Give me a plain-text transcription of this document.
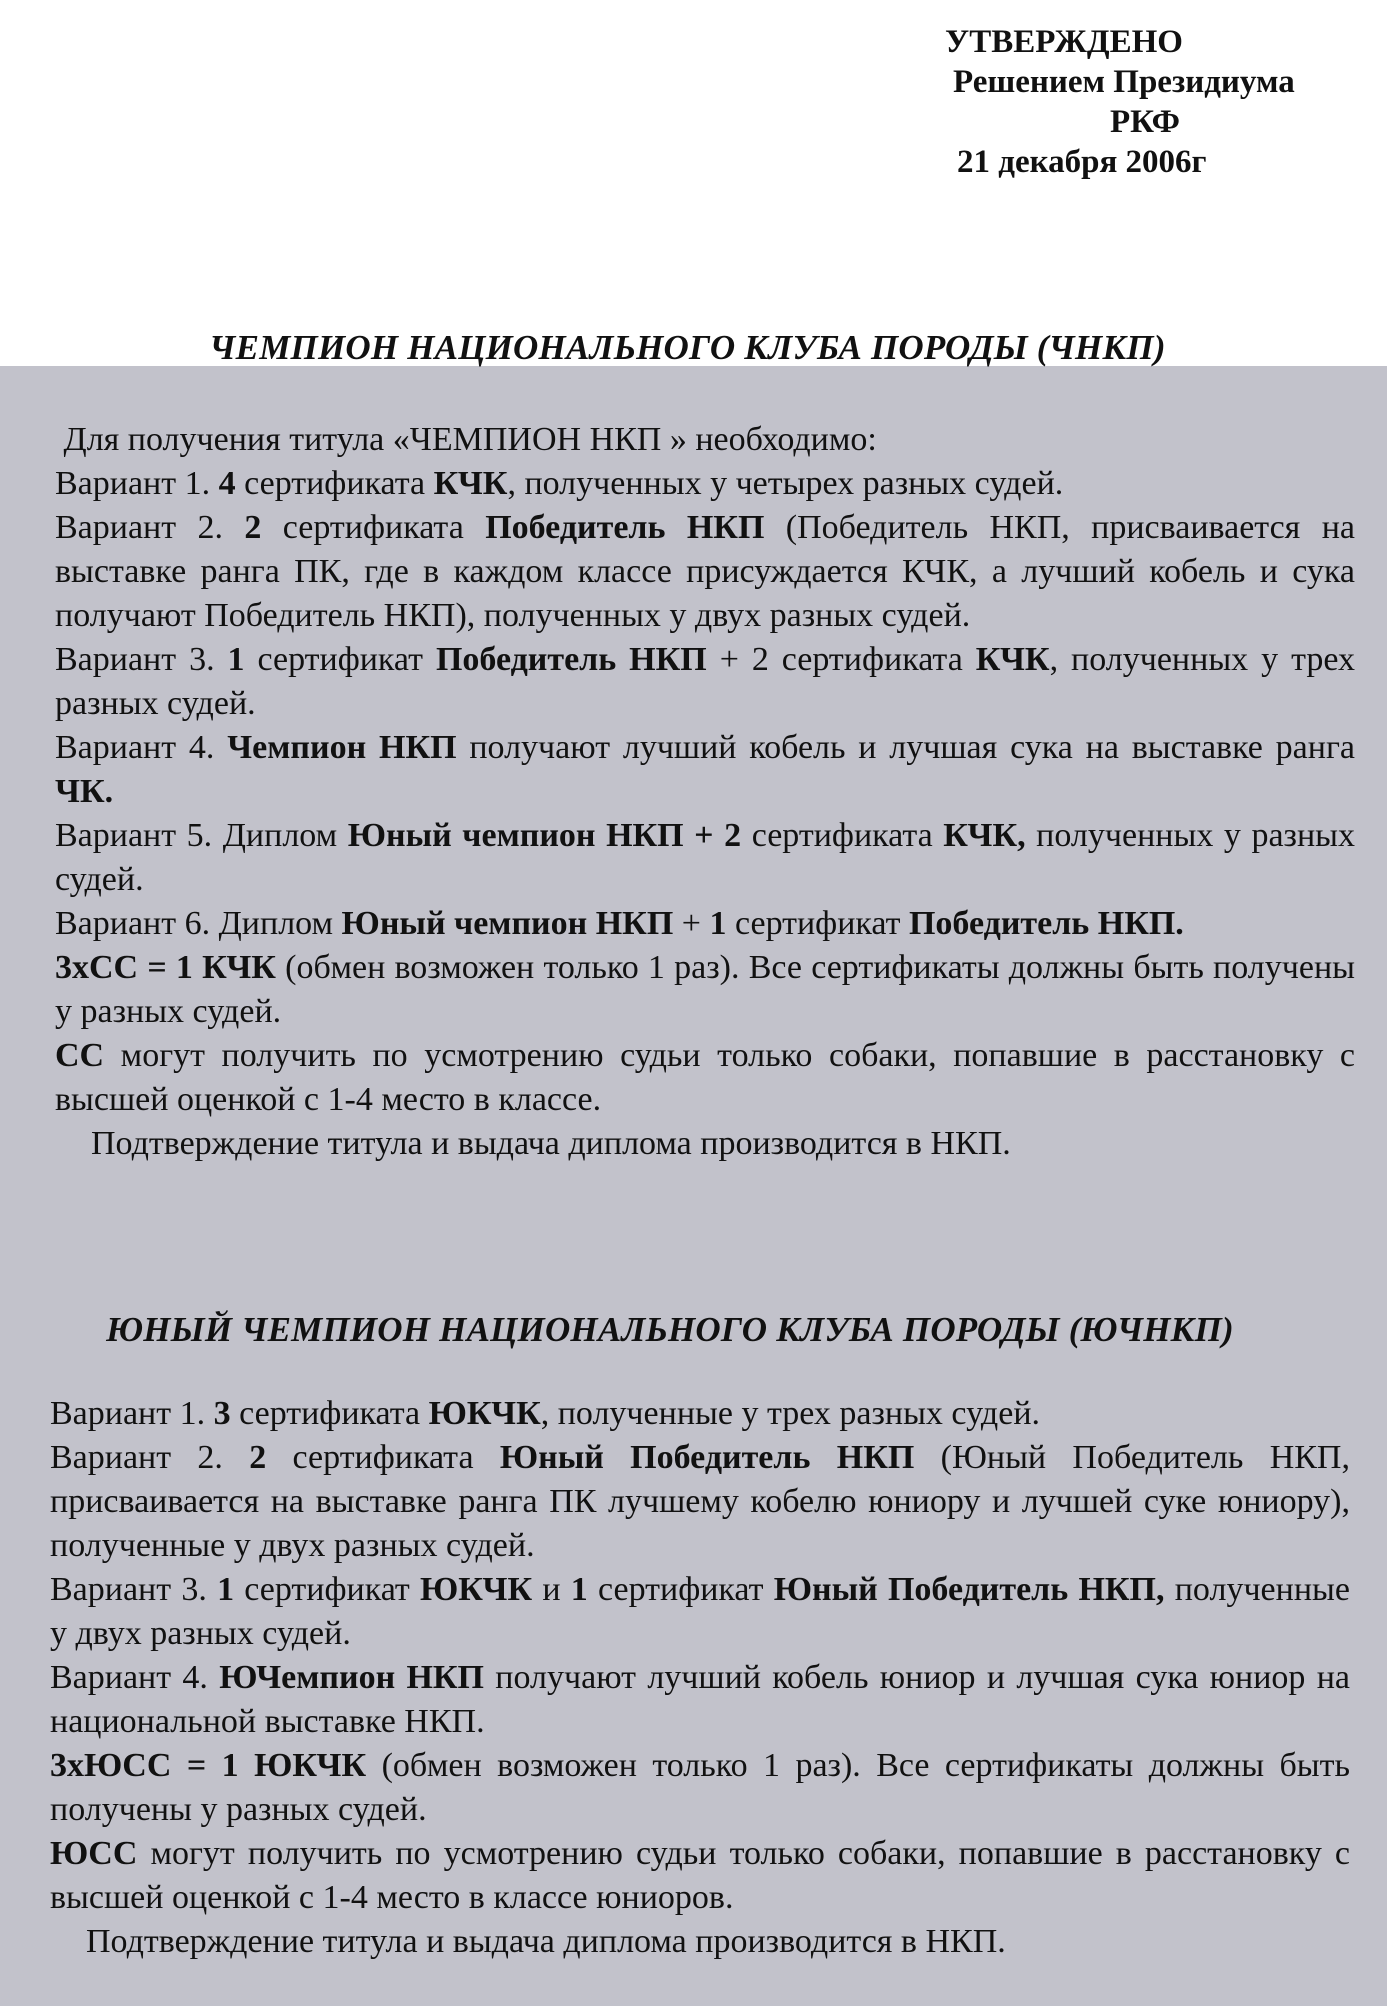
УТВЕРЖДЕНО
Решением Президиума
РКФ
21 декабря 2006г
ЧЕМПИОН НАЦИОНАЛЬНОГО КЛУБА ПОРОДЫ (ЧНКП)

Для получения титула «ЧЕМПИОН НКП » необходимо:

Вариант 1. 4 сертификата КЧК, полученных у четырех разных судей.

Вариант 2. 2 сертификата Победитель НКП (Победитель НКП, присваивается на выставке ранга ПК, где в каждом классе присуждается КЧК, а лучший кобель и сука получают Победитель НКП), полученных у двух разных судей.

Вариант 3. 1 сертификат Победитель НКП + 2 сертификата КЧК, полученных у трех разных судей.

Вариант 4. Чемпион НКП получают лучший кобель и лучшая сука на выставке ранга ЧК.

Вариант 5. Диплом Юный чемпион НКП + 2 сертификата КЧК, полученных у разных судей.

Вариант 6. Диплом Юный чемпион НКП + 1 сертификат Победитель НКП.

3хСС = 1 КЧК (обмен возможен только 1 раз). Все сертификаты должны быть получены у разных судей.

СС могут получить по усмотрению судьи только собаки, попавшие в расстановку с высшей оценкой с 1-4 место в классе.

Подтверждение титула и выдача диплома производится в НКП.

ЮНЫЙ ЧЕМПИОН НАЦИОНАЛЬНОГО КЛУБА ПОРОДЫ (ЮЧНКП)

Вариант 1. 3 сертификата ЮКЧК, полученные у трех разных судей.

Вариант 2. 2 сертификата Юный Победитель НКП (Юный Победитель НКП, присваивается на выставке ранга ПК лучшему кобелю юниору и лучшей суке юниору), полученные у двух разных судей.

Вариант 3. 1 сертификат ЮКЧК и 1 сертификат Юный Победитель НКП, полученные у двух разных судей.

Вариант 4. ЮЧемпион НКП получают лучший кобель юниор и лучшая сука юниор на национальной выставке НКП.

3хЮСС = 1 ЮКЧК (обмен возможен только 1 раз). Все сертификаты должны быть получены у разных судей.

ЮСС могут получить по усмотрению судьи только собаки, попавшие в расстановку с высшей оценкой с 1-4 место в классе юниоров.

Подтверждение титула и выдача диплома производится в НКП.
